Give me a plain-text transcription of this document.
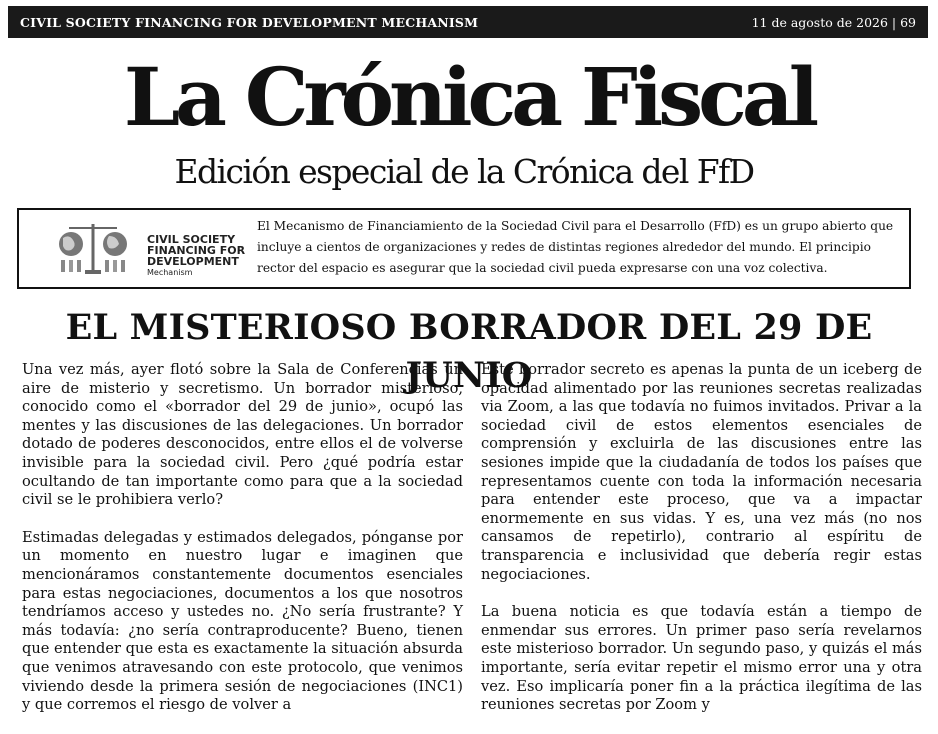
CIVIL SOCIETY FINANCING FOR DEVELOPMENT MECHANISM	11 de agosto de 2026 | 69
La Crónica Fiscal
Edición especial de la Crónica del FfD
CIVIL SOCIETY
FINANCING FOR
DEVELOPMENT
Mechanism
El Mecanismo de Financiamiento de la Sociedad Civil para el Desarrollo (FfD) es un grupo abierto que incluye a cientos de organizaciones y redes de distintas regiones alrededor del mundo. El principio rector del espacio es asegurar que la sociedad civil pueda expresarse con una voz colectiva.
EL MISTERIOSO BORRADOR DEL 29 DE JUNIO

Una vez más, ayer flotó sobre la Sala de Conferencias un aire de misterio y secretismo. Un borrador misterioso, conocido como el «borrador del 29 de junio», ocupó las mentes y las discusiones de las delegaciones. Un borrador dotado de poderes desconocidos, entre ellos el de volverse invisible para la sociedad civil. Pero ¿qué podría estar ocultando de tan importante como para que a la sociedad civil se le prohibiera verlo?

Estimadas delegadas y estimados delegados, pónganse por un momento en nuestro lugar e imaginen que mencionáramos constantemente documentos esenciales para estas negociaciones, documentos a los que nosotros tendríamos acceso y ustedes no. ¿No sería frustrante? Y más todavía: ¿no sería contraproducente? Bueno, tienen que entender que esta es exactamente la situación absurda que venimos atravesando con este protocolo, que venimos viviendo desde la primera sesión de negociaciones (INC1) y que corremos el riesgo de volver a

Este borrador secreto es apenas la punta de un iceberg de opacidad alimentado por las reuniones secretas realizadas via Zoom, a las que todavía no fuimos invitados. Privar a la sociedad civil de estos elementos esenciales de comprensión y excluirla de las discusiones entre las sesiones impide que la ciudadanía de todos los países que representamos cuente con toda la información necesaria para entender este proceso, que va a impactar enormemente en sus vidas. Y es, una vez más (no nos cansamos de repetirlo), contrario al espíritu de transparencia e inclusividad que debería regir estas negociaciones.

La buena noticia es que todavía están a tiempo de enmendar sus errores. Un primer paso sería revelarnos este misterioso borrador. Un segundo paso, y quizás el más importante, sería evitar repetir el mismo error una y otra vez. Eso implicaría poner fin a la práctica ilegítima de las reuniones secretas por Zoom y
